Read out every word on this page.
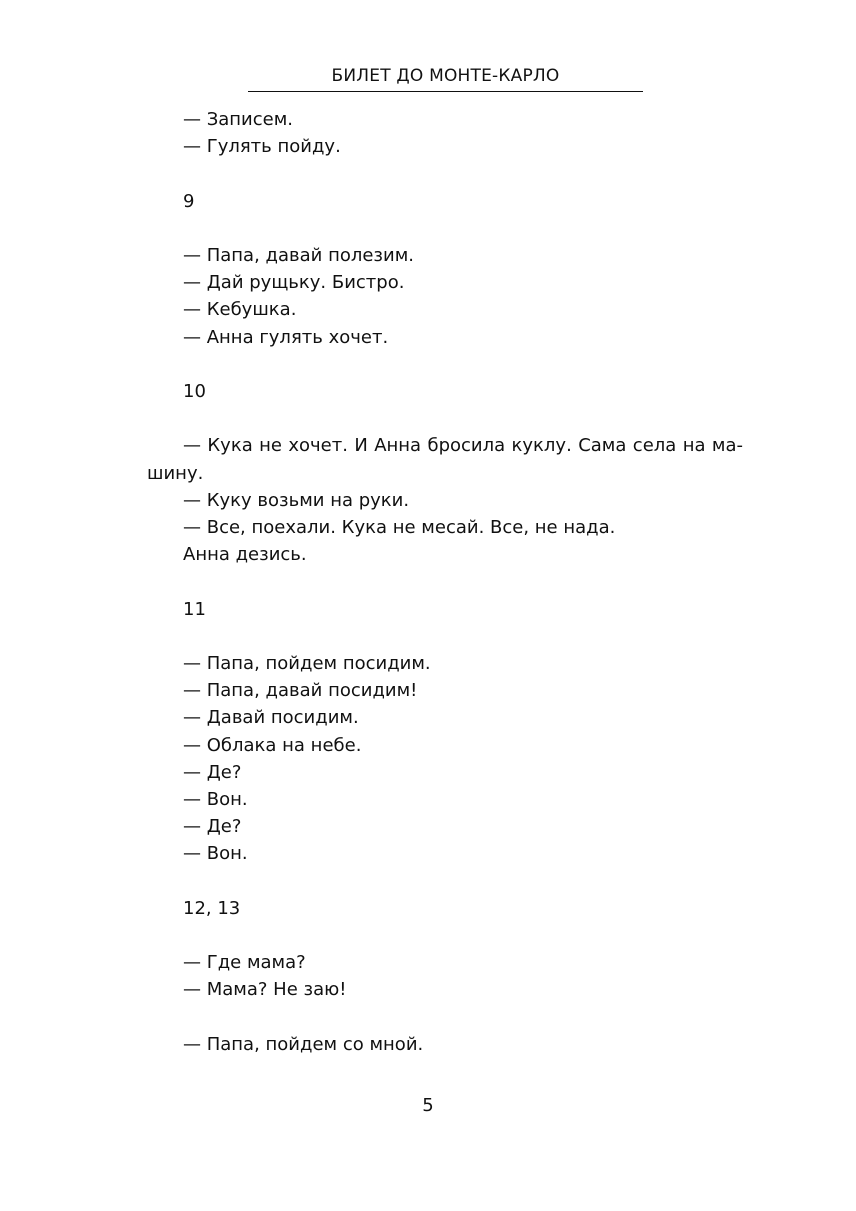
БИЛЕТ ДО МОНТЕ-КАРЛО
— Записем.
— Гулять пойду.
9
— Папа, давай полезим.
— Дай рущьку. Бистро.
— Кебушка.
— Анна гулять хочет.
10
— Кука не хочет. И Анна бросила куклу. Сама села на ма-
шину.
— Куку возьми на руки.
— Все, поехали. Кука не месай. Все, не нада.
Анна дезись.
11
— Папа, пойдем посидим.
— Папа, давай посидим!
— Давай посидим.
— Облака на небе.
— Де?
— Вон.
— Де?
— Вон.
12, 13
— Где мама?
— Мама? Не заю!
— Папа, пойдем со мной.
5
